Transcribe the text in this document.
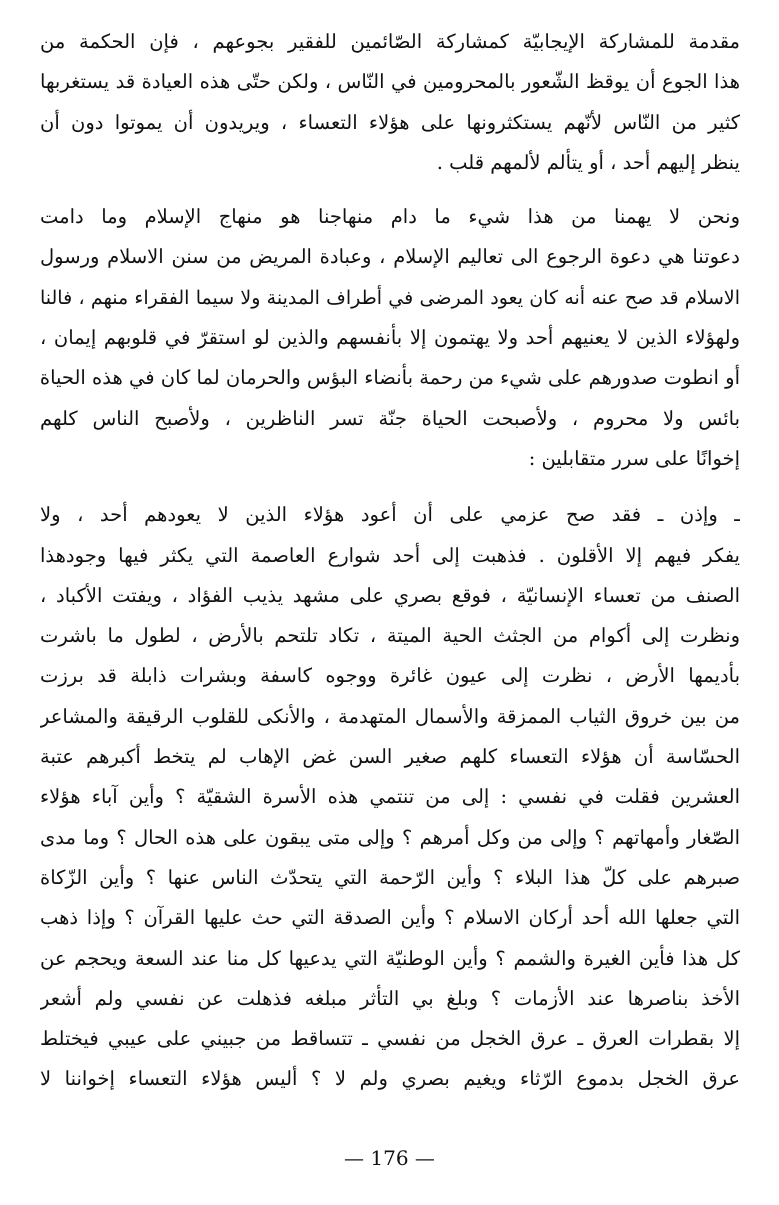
مقدمة للمشاركة الإيجابيّة كمشاركة الصّائمين للفقير بجوعهم ، فإن الحكمة من
هذا الجوع أن يوقظ الشّعور بالمحرومين في النّاس ، ولكن حتّى هذه العيادة قد يستغربها
كثير من النّاس لأنّهم يستكثرونها على هؤلاء التعساء ، ويريدون أن يموتوا دون أن
ينظر إليهم أحد ، أو يتألم لألمهم قلب .
ونحن لا يهمنا من هذا شيء ما دام منهاجنا هو منهاج الإسلام وما دامت
دعوتنا هي دعوة الرجوع الى تعاليم الإسلام ، وعبادة المريض من سنن الاسلام ورسول
الاسلام قد صح عنه أنه كان يعود المرضى في أطراف المدينة ولا سيما الفقراء منهم ، فالنا
ولهؤلاء الذين لا يعنيهم أحد ولا يهتمون إلا بأنفسهم والذين لو استقرّ في قلوبهم إيمان ،
أو انطوت صدورهم على شيء من رحمة بأنضاء البؤس والحرمان لما كان في هذه الحياة
بائس ولا محروم ، ولأصبحت الحياة جنّة تسر الناظرين ، ولأصبح الناس كلهم
إخوانًا على سرر متقابلين :
ـ وإذن ـ فقد صح عزمي على أن أعود هؤلاء الذين لا يعودهم أحد ، ولا
يفكر فيهم إلا الأقلون . فذهبت إلى أحد شوارع العاصمة التي يكثر فيها وجودهذا
الصنف من تعساء الإنسانيّة ، فوقع بصري على مشهد يذيب الفؤاد ، ويفتت الأكباد ،
ونظرت إلى أكوام من الجثث الحية الميتة ، تكاد تلتحم بالأرض ، لطول ما باشرت
بأديمها الأرض ، نظرت إلى عيون غائرة ووجوه كاسفة وبشرات ذابلة قد برزت
من بين خروق الثياب الممزقة والأسمال المتهدمة ، والأنكى للقلوب الرقيقة والمشاعر
الحسّاسة أن هؤلاء التعساء كلهم صغير السن غض الإهاب لم يتخط أكبرهم عتبة
العشرين فقلت في نفسي : إلى من تنتمي هذه الأسرة الشقيّة ؟ وأين آباء هؤلاء
الصّغار وأمهاتهم ؟ وإلى من وكل أمرهم ؟ وإلى متى يبقون على هذه الحال ؟ وما مدى
صبرهم على كلّ هذا البلاء ؟ وأين الرّحمة التي يتحدّث الناس عنها ؟ وأين الزّكاة
التي جعلها الله أحد أركان الاسلام ؟ وأين الصدقة التي حث عليها القرآن ؟ وإذا ذهب
كل هذا فأين الغيرة والشمم ؟ وأين الوطنيّة التي يدعيها كل منا عند السعة ويحجم عن
الأخذ بناصرها عند الأزمات ؟ وبلغ بي التأثر مبلغه فذهلت عن نفسي ولم أشعر
إلا بقطرات العرق ـ عرق الخجل من نفسي ـ تتساقط من جبيني على عيبي فيختلط
عرق الخجل بدموع الرّثاء ويغيم بصري ولم لا ؟ أليس هؤلاء التعساء إخواننا لا
— 176 —
